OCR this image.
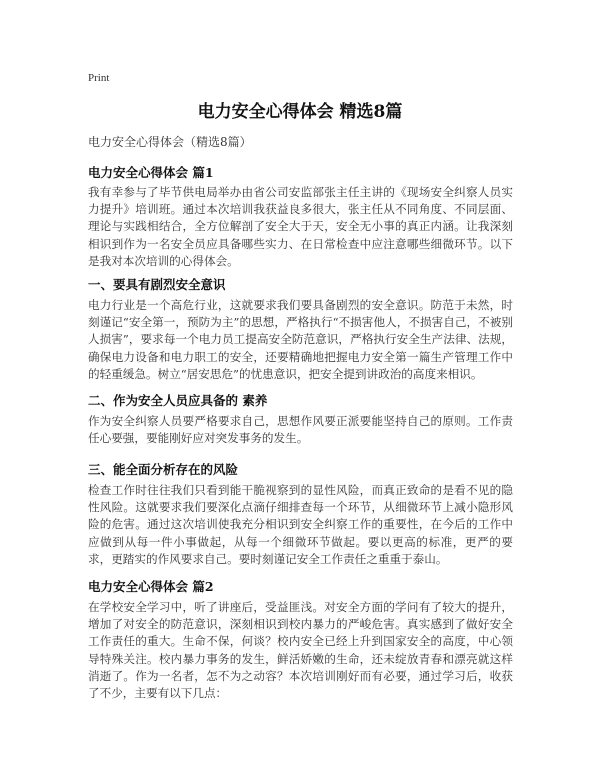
Print
电力安全心得体会 精选8篇
电力安全心得体会（精选8篇）
电力安全心得体会 篇1
我有幸参与了毕节供电局举办由省公司安监部张主任主讲的《现场安全纠察人员实力提升》培训班。通过本次培训我获益良多很大，张主任从不同角度、不同层面、理论与实践相结合，全方位解剖了安全大于天，安全无小事的真正内涵。让我深刻相识到作为一名安全员应具备哪些实力、在日常检查中应注意哪些细微环节。以下是我对本次培训的心得体会。
一、要具有剧烈安全意识
电力行业是一个高危行业，这就要求我们要具备剧烈的安全意识。防范于未然，时刻谨记“安全第一，预防为主”的思想，严格执行“不损害他人，不损害自己，不被别人损害”，要求每一个电力员工提高安全防范意识，严格执行安全生产法律、法规，确保电力设备和电力职工的安全，还要精确地把握电力安全第一篇生产管理工作中的轻重缓急。树立“居安思危”的忧患意识，把安全提到讲政治的高度来相识。
二、作为安全人员应具备的 素养
作为安全纠察人员要严格要求自己，思想作风要正派要能坚持自己的原则。工作责任心要强，要能刚好应对突发事务的发生。
三、能全面分析存在的风险
检查工作时往往我们只看到能干脆视察到的显性风险，而真正致命的是看不见的隐性风险。这就要求我们要深化点滴仔细排查每一个环节，从细微环节上减小隐形风险的危害。通过这次培训使我充分相识到安全纠察工作的重要性，在今后的工作中应做到从每一件小事做起，从每一个细微环节做起。要以更高的标准，更严的要求，更踏实的作风要求自己。要时刻谨记安全工作责任之重重于泰山。
电力安全心得体会 篇2
在学校安全学习中，听了讲座后，受益匪浅。对安全方面的学问有了较大的提升，增加了对安全的防范意识，深刻相识到校内暴力的严峻危害。真实感到了做好安全工作责任的重大。生命不保，何谈？校内安全已经上升到国家安全的高度，中心领导特殊关注。校内暴力事务的发生，鲜活娇嫩的生命，还未绽放青春和漂亮就这样消逝了。作为一名者，怎不为之动容？本次培训刚好而有必要，通过学习后，收获了不少，主要有以下几点：
